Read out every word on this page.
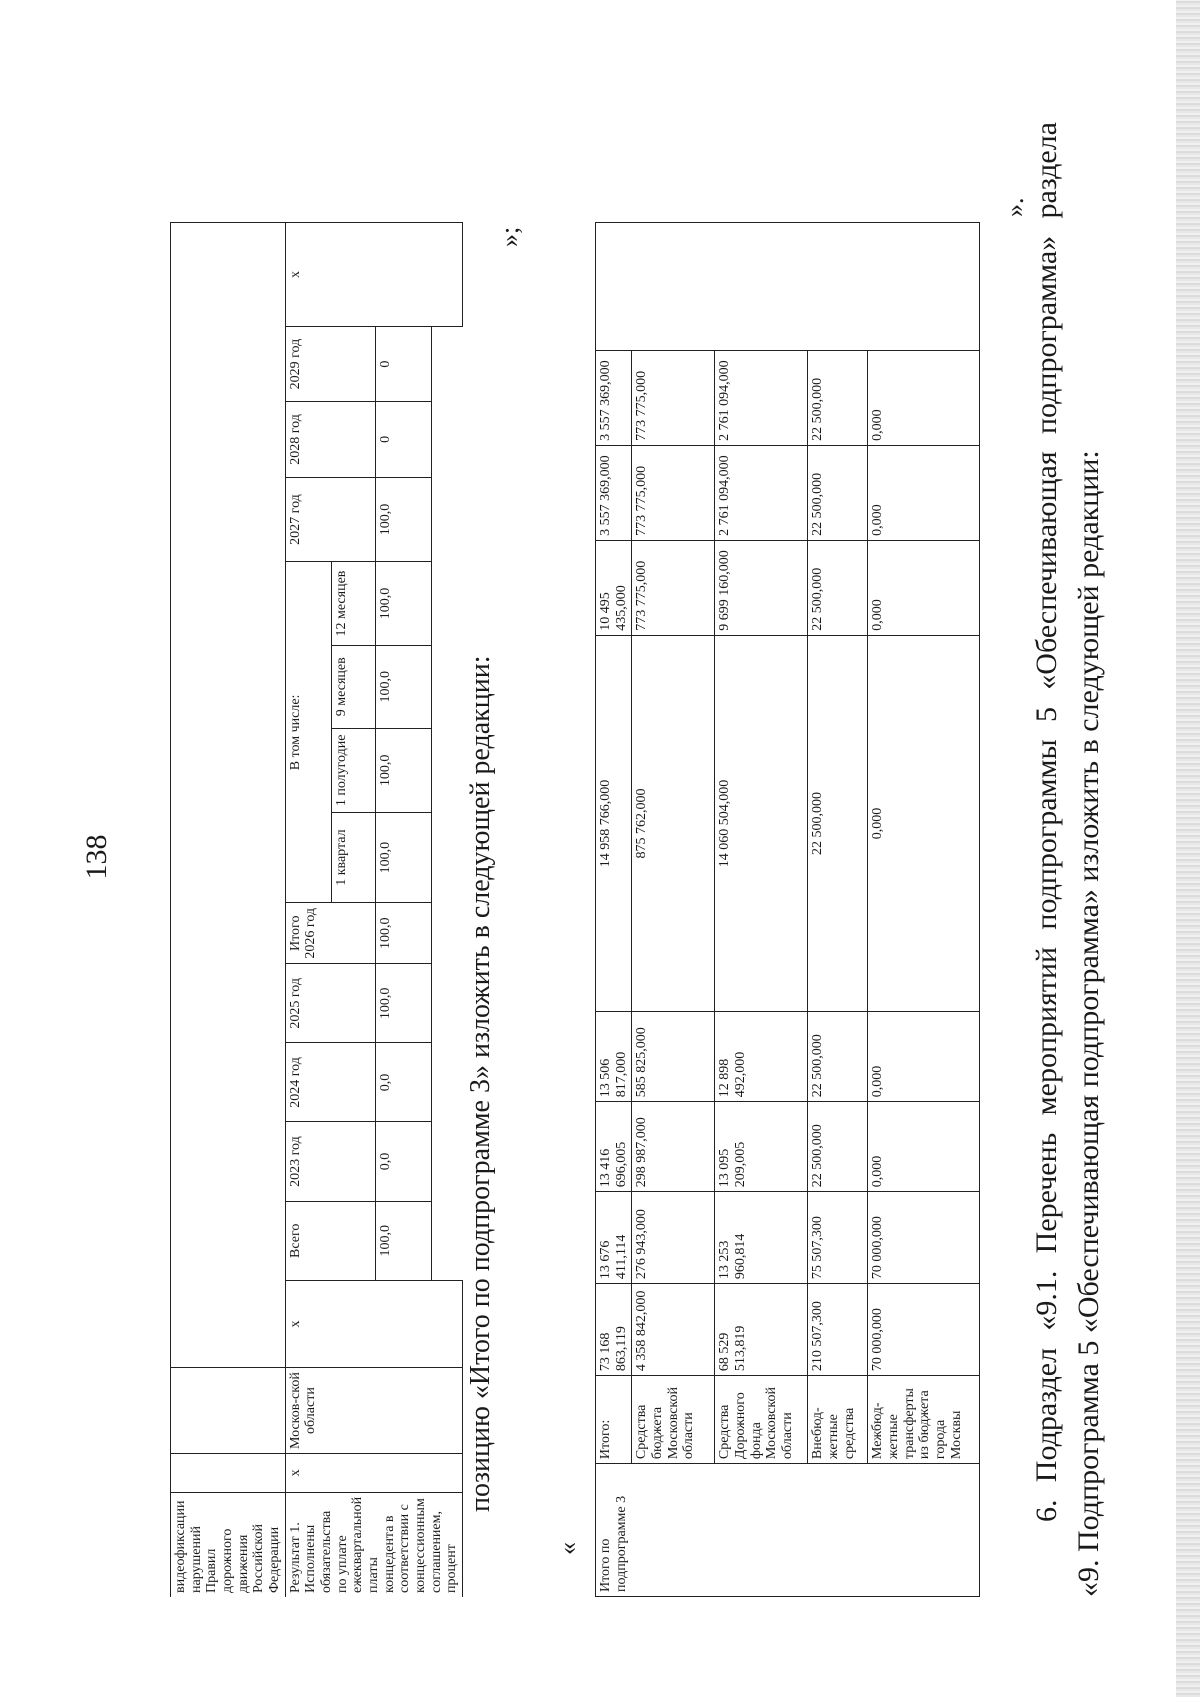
138
видеофиксации нарушений Правил дорожного движения Российской Федерации																
Результат 1. Исполнены обязательства по уплате ежеквартальной платы концедента в соответствии с концессионным соглашением, процент	х	Москов-ской области	х	Всего	2023 год	2024 год	2025 год	Итого 2026 год	В том числе:				2027 год	2028 год	2029 год	х
									1 квартал	1 полугодие	9 месяцев	12 месяцев				
				100,0	0,0	0,0	100,0	100,0	100,0	100,0	100,0	100,0	100,0	0	0	

»;
позицию «Итого по подпрограмме 3» изложить в следующей редакции:
« Итого по подпрограмме 3	Итого:	73 168 863,119	13 676 411,114	13 416 696,005	13 506 817,000	14 958 766,000	10 495 435,000	3 557 369,000	3 557 369,000	
	Средства бюджета Московской области	4 358 842,000	276 943,000	298 987,000	585 825,000	875 762,000	773 775,000	773 775,000	773 775,000	
	Средства Дорожного фонда Московской области	68 529 513,819	13 253 960,814	13 095 209,005	12 898 492,000	14 060 504,000	9 699 160,000	2 761 094,000	2 761 094,000	
	Внебюд-жетные средства	210 507,300	75 507,300	22 500,000	22 500,000	22 500,000	22 500,000	22 500,000	22 500,000	
	Межбюд-жетные трансферты из бюджета города Москвы	70 000,000	70 000,000	0,000	0,000	0,000	0,000	0,000	0,000	
». 6. Подраздел «9.1. Перечень мероприятий подпрограммы 5 «Обеспечивающая подпрограмма» раздела «9. Подпрограмма 5 «Обеспечивающая подпрограмма» изложить в следующей редакции:
